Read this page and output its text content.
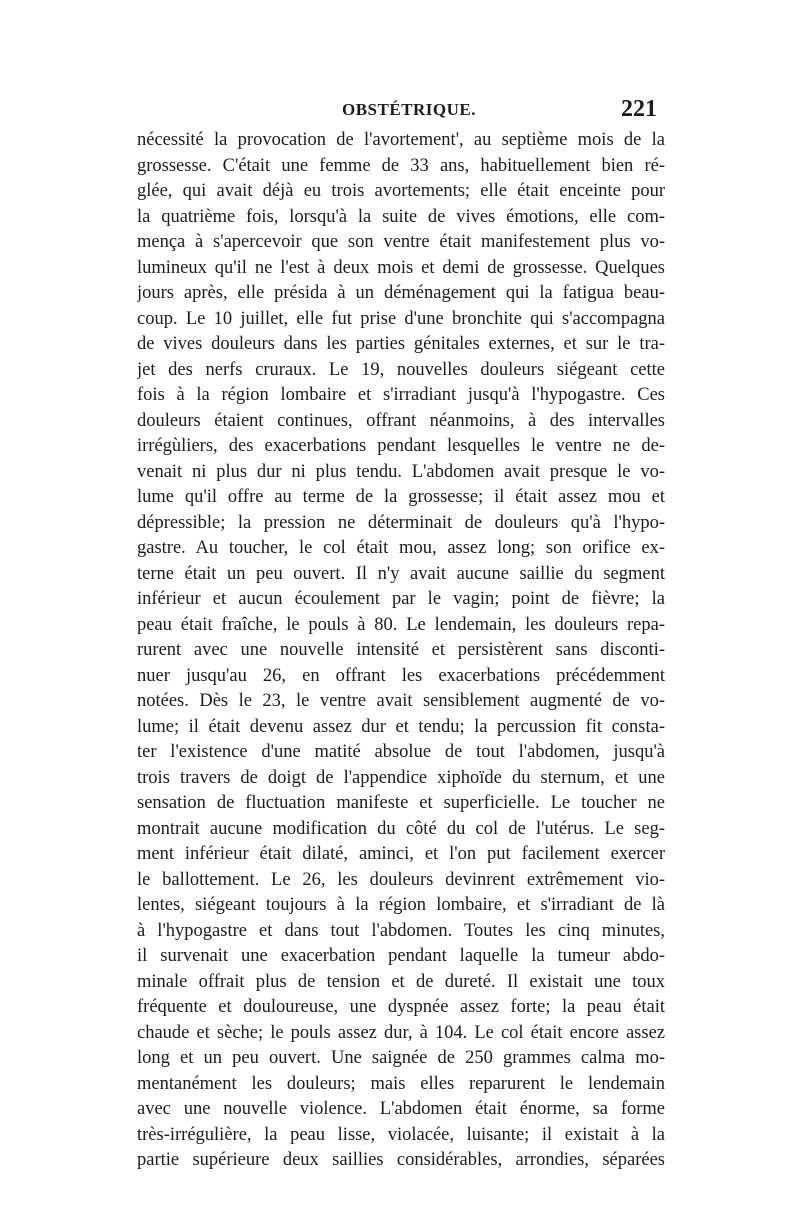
OBSTÉTRIQUE.	221
nécessité la provocation de l'avortement', au septième mois de la
grossesse. C'était une femme de 33 ans, habituellement bien ré-
glée, qui avait déjà eu trois avortements; elle était enceinte pour
la quatrième fois, lorsqu'à la suite de vives émotions, elle com-
mença à s'apercevoir que son ventre était manifestement plus vo-
lumineux qu'il ne l'est à deux mois et demi de grossesse. Quelques
jours après, elle présida à un déménagement qui la fatigua beau-
coup. Le 10 juillet, elle fut prise d'une bronchite qui s'accompagna
de vives douleurs dans les parties génitales externes, et sur le tra-
jet des nerfs cruraux. Le 19, nouvelles douleurs siégeant cette
fois à la région lombaire et s'irradiant jusqu'à l'hypogastre. Ces
douleurs étaient continues, offrant néanmoins, à des intervalles
irrégùliers, des exacerbations pendant lesquelles le ventre ne de-
venait ni plus dur ni plus tendu. L'abdomen avait presque le vo-
lume qu'il offre au terme de la grossesse; il était assez mou et
dépressible; la pression ne déterminait de douleurs qu'à l'hypo-
gastre. Au toucher, le col était mou, assez long; son orifice ex-
terne était un peu ouvert. Il n'y avait aucune saillie du segment
inférieur et aucun écoulement par le vagin; point de fièvre; la
peau était fraîche, le pouls à 80. Le lendemain, les douleurs repa-
rurent avec une nouvelle intensité et persistèrent sans disconti-
nuer jusqu'au 26, en offrant les exacerbations précédemment
notées. Dès le 23, le ventre avait sensiblement augmenté de vo-
lume; il était devenu assez dur et tendu; la percussion fit consta-
ter l'existence d'une matité absolue de tout l'abdomen, jusqu'à
trois travers de doigt de l'appendice xiphoïde du sternum, et une
sensation de fluctuation manifeste et superficielle. Le toucher ne
montrait aucune modification du côté du col de l'utérus. Le seg-
ment inférieur était dilaté, aminci, et l'on put facilement exercer
le ballottement. Le 26, les douleurs devinrent extrêmement vio-
lentes, siégeant toujours à la région lombaire, et s'irradiant de là
à l'hypogastre et dans tout l'abdomen. Toutes les cinq minutes,
il survenait une exacerbation pendant laquelle la tumeur abdo-
minale offrait plus de tension et de dureté. Il existait une toux
fréquente et douloureuse, une dyspnée assez forte; la peau était
chaude et sèche; le pouls assez dur, à 104. Le col était encore assez
long et un peu ouvert. Une saignée de 250 grammes calma mo-
mentanément les douleurs; mais elles reparurent le lendemain
avec une nouvelle violence. L'abdomen était énorme, sa forme
très-irrégulière, la peau lisse, violacée, luisante; il existait à la
partie supérieure deux saillies considérables, arrondies, séparées
